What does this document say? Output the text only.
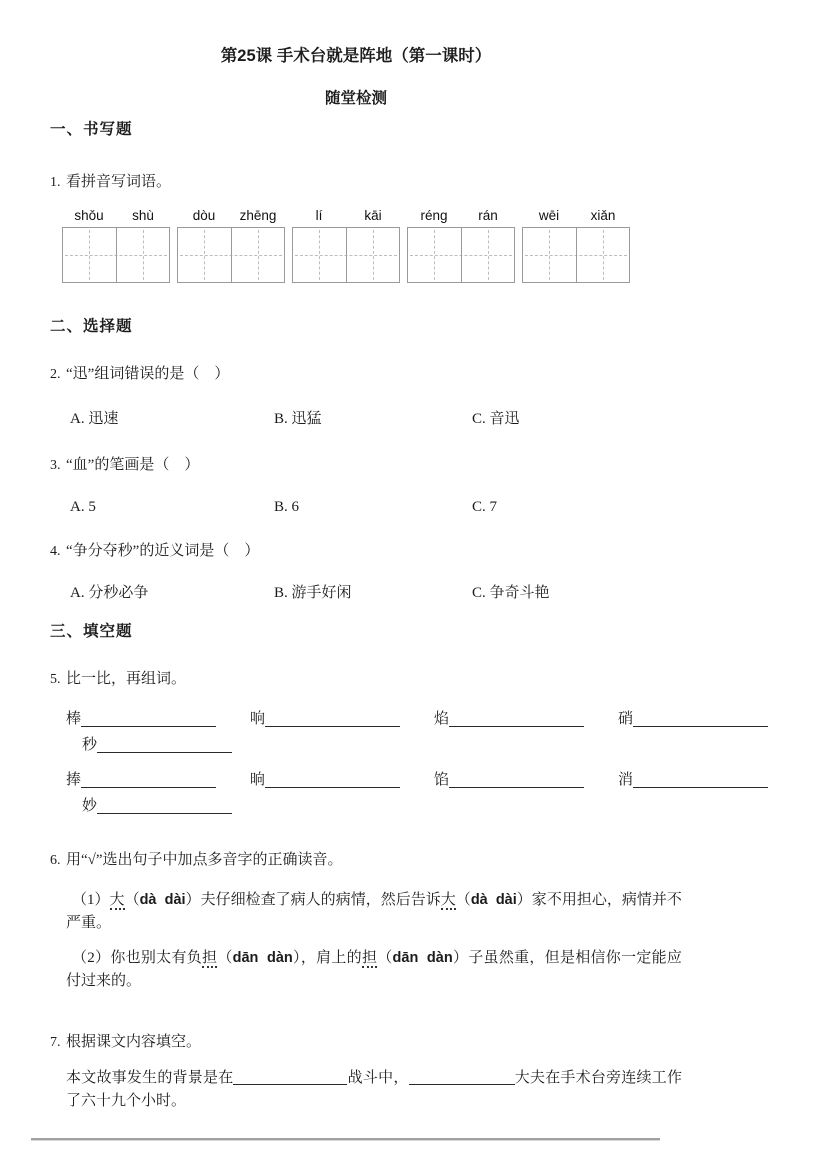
第25课 手术台就是阵地（第一课时）
随堂检测
一、书写题
1. 看拼音写词语。
shǒu	shù	dòu	zhēng	lí	kāi	réng	rán	wēi	xiǎn
二、选择题
2. “迅”组词错误的是（　）
A. 迅速	B. 迅猛	C. 音迅
3. “血”的笔画是（　）
A. 5	B. 6	C. 7
4. “争分夺秒”的近义词是（　）
A. 分秒必争	B. 游手好闲	C. 争奇斗艳
三、填空题
5. 比一比，再组词。
棒	响	焰	硝
秒
捧	晌	馅	消
妙
6. 用“√”选出句子中加点多音字的正确读音。
（1）大（dà  dài）夫仔细检查了病人的病情，然后告诉大（dà  dài）家不用担心，病情并不严重。
（2）你也别太有负担（dān  dàn），肩上的担（dān  dàn）子虽然重，但是相信你一定能应付过来的。
7. 根据课文内容填空。
本文故事发生的背景是在	战斗中，	大夫在手术台旁连续工作了六十九个小时。
